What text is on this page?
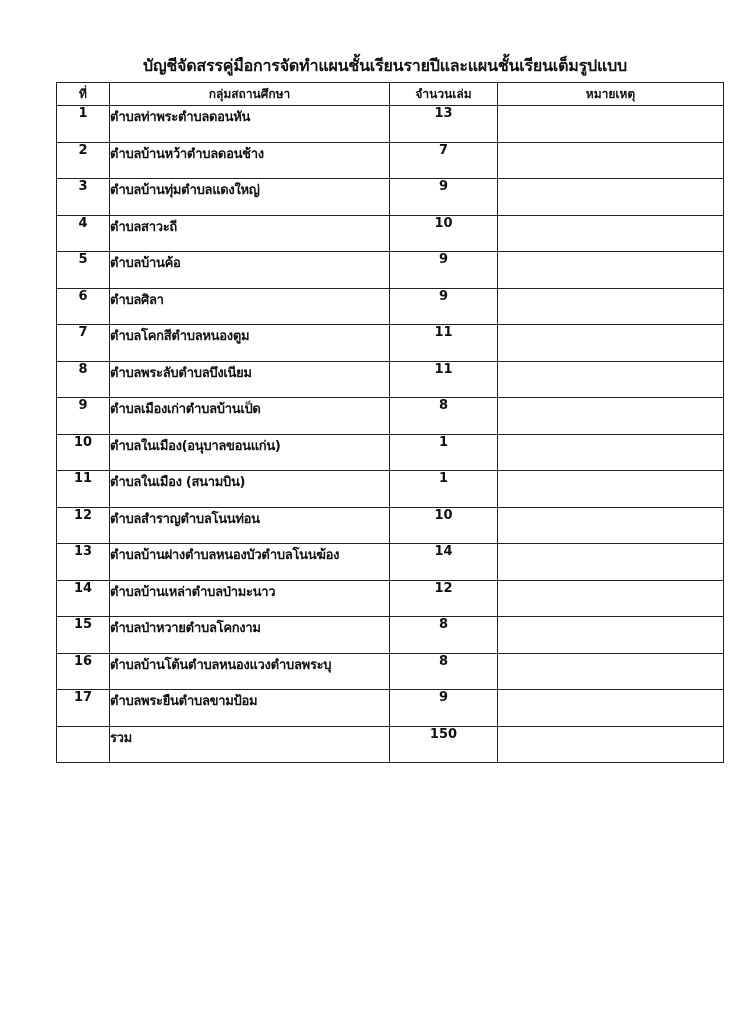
บัญชีจัดสรรคู่มือการจัดทำแผนชั้นเรียนรายปีและแผนชั้นเรียนเต็มรูปแบบ
ที่	กลุ่มสถานศึกษา	จำนวนเล่ม	หมายเหตุ
1	ตำบลท่าพระตำบลดอนหัน	13	
2	ตำบลบ้านหว้าตำบลดอนช้าง	7	
3	ตำบลบ้านทุ่มตำบลแดงใหญ่	9	
4	ตำบลสาวะถี	10	
5	ตำบลบ้านค้อ	9	
6	ตำบลศิลา	9	
7	ตำบลโคกสีตำบลหนองตูม	11	
8	ตำบลพระลับตำบลบึงเนียม	11	
9	ตำบลเมืองเก่าตำบลบ้านเป็ด	8	
10	ตำบลในเมือง(อนุบาลขอนแก่น)	1	
11	ตำบลในเมือง (สนามบิน)	1	
12	ตำบลสำราญตำบลโนนท่อน	10	
13	ตำบลบ้านฝางตำบลหนองบัวตำบลโนนฆ้อง	14	
14	ตำบลบ้านเหล่าตำบลป่ามะนาว	12	
15	ตำบลป่าหวายตำบลโคกงาม	8	
16	ตำบลบ้านโต้นตำบลหนองแวงตำบลพระบุ	8	
17	ตำบลพระยืนตำบลขามป้อม	9	
	รวม	150	
